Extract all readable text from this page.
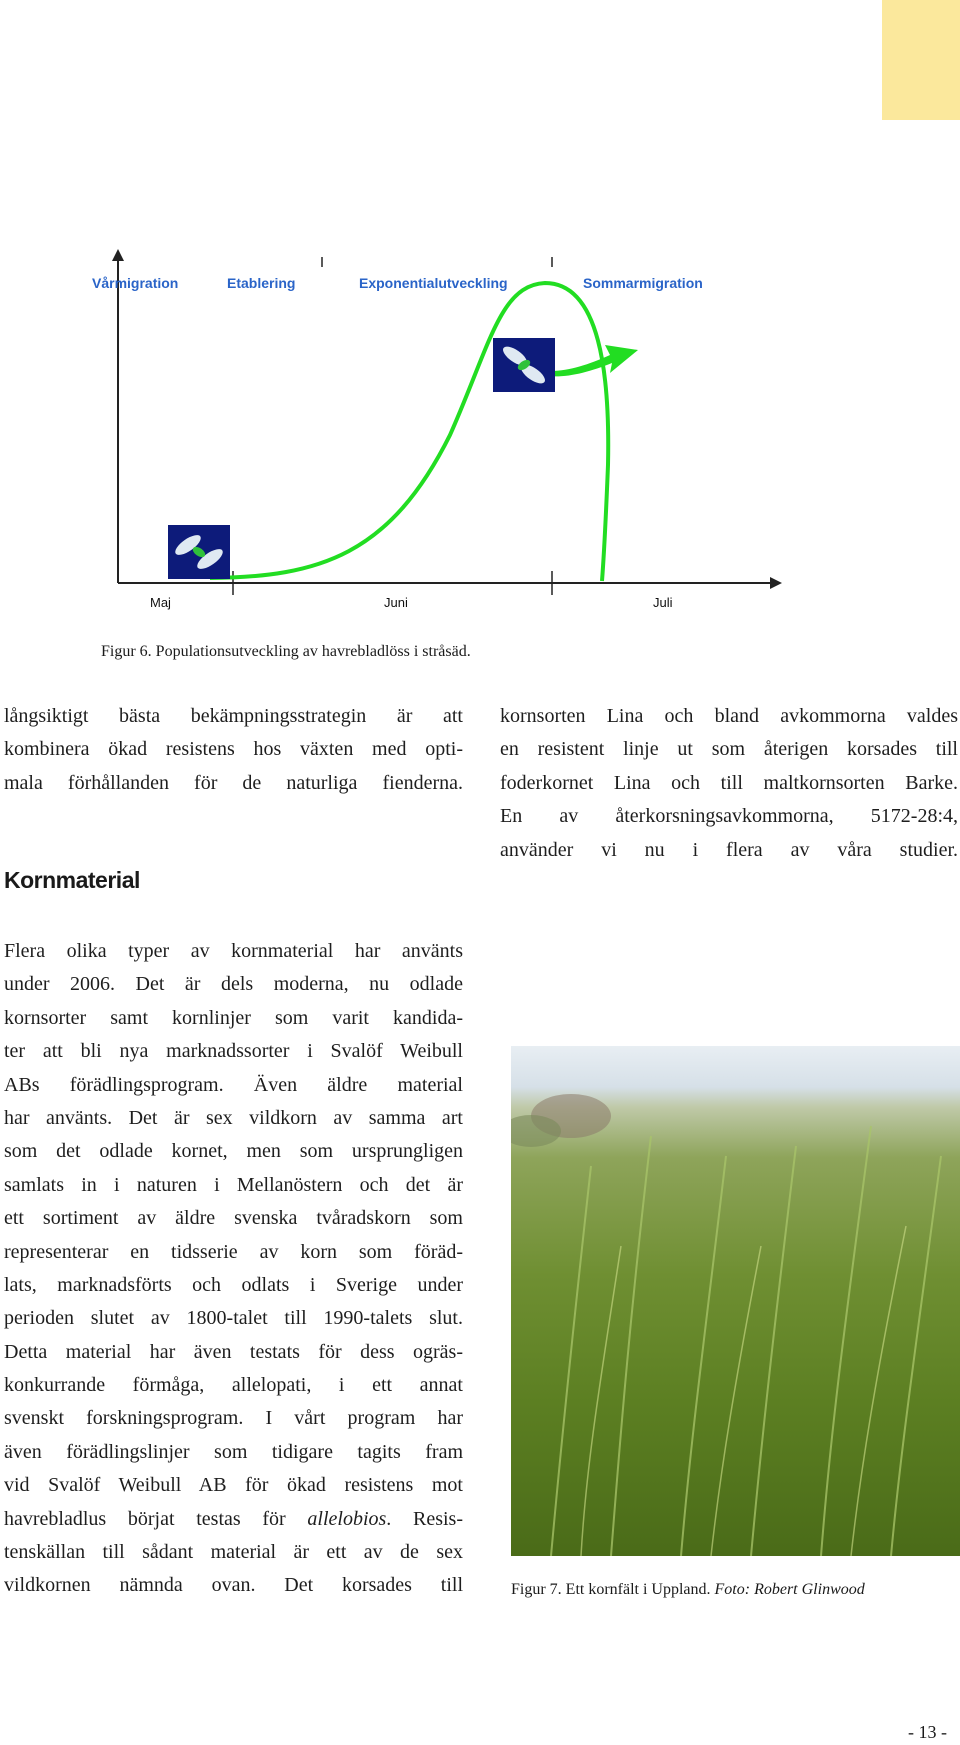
Vårmigration	Etablering	Exponentialutveckling	Sommarmigration
Maj	Juni	Juli
Figur 6. Populationsutveckling av havrebladlöss i stråsäd.
långsiktigt bästa bekämpningsstrategin är att
kombinera ökad resistens hos växten med opti-
mala förhållanden för de naturliga fienderna.
Kornmaterial
Flera olika typer av kornmaterial har använts
under 2006. Det är dels moderna, nu odlade
kornsorter samt kornlinjer som varit kandida-
ter att bli nya marknadssorter i Svalöf Weibull
ABs förädlingsprogram. Även äldre material
har använts. Det är sex vildkorn av samma art
som det odlade kornet, men som ursprungligen
samlats in i naturen i Mellanöstern och det är
ett sortiment av äldre svenska tvåradskorn som
representerar en tidsserie av korn som föräd-
lats, marknadsförts och odlats i Sverige under
perioden slutet av 1800-talet till 1990-talets slut.
Detta material har även testats för dess ogräs-
konkurrande förmåga, allelopati, i ett annat
svenskt forskningsprogram. I vårt program har
även förädlingslinjer som tidigare tagits fram
vid Svalöf Weibull AB för ökad resistens mot
havrebladlus börjat testas för allelobios. Resis-
tenskällan till sådant material är ett av de sex
vildkornen nämnda ovan. Det korsades till
kornsorten Lina och bland avkommorna valdes
en resistent linje ut som återigen korsades till
foderkornet Lina och till maltkornsorten Barke.
En av återkorsningsavkommorna, 5172-28:4,
använder vi nu i flera av våra studier.
Figur 7. Ett kornfält i Uppland. Foto: Robert Glinwood
- 13 -
